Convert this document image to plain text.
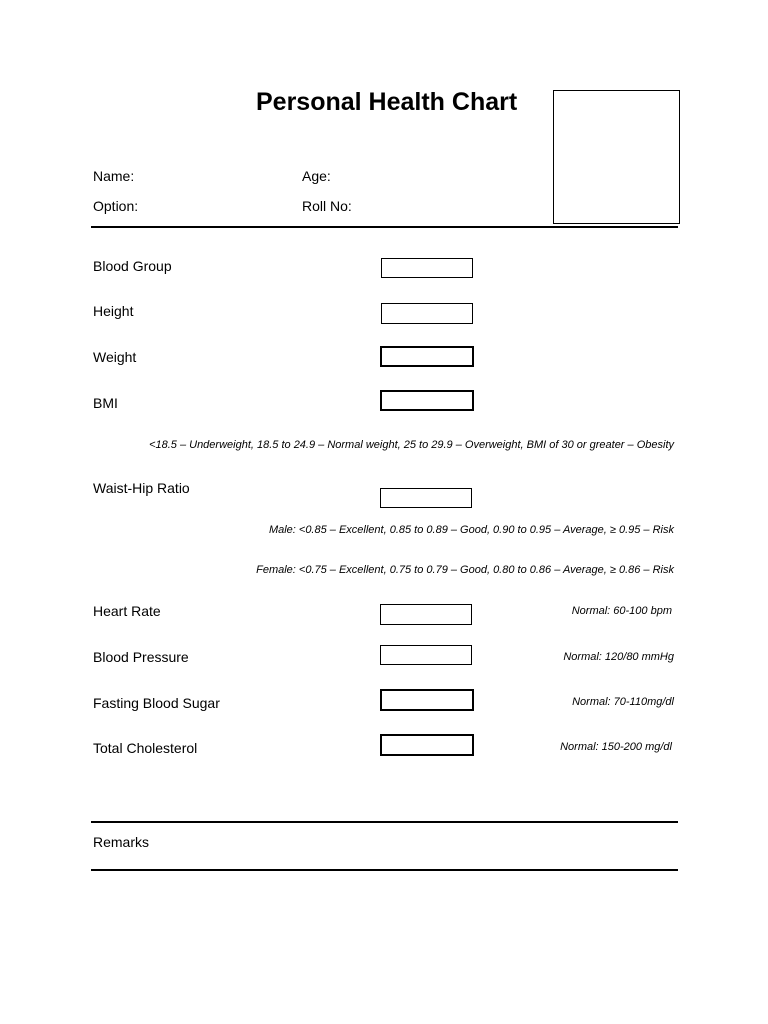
Personal Health Chart
Name:	Age:
Option:	Roll No:
Blood Group
Height
Weight
BMI
<18.5 – Underweight, 18.5 to 24.9 – Normal weight, 25 to 29.9 – Overweight, BMI of 30 or greater – Obesity
Waist-Hip Ratio
Male: <0.85 – Excellent, 0.85 to 0.89 – Good, 0.90 to 0.95 – Average, ≥ 0.95 – Risk
Female: <0.75 – Excellent, 0.75 to 0.79 – Good, 0.80 to 0.86 – Average, ≥ 0.86 – Risk
Heart Rate	Normal: 60-100 bpm
Blood Pressure	Normal: 120/80 mmHg
Fasting Blood Sugar	Normal: 70-110mg/dl
Total Cholesterol	Normal: 150-200 mg/dl
Remarks
